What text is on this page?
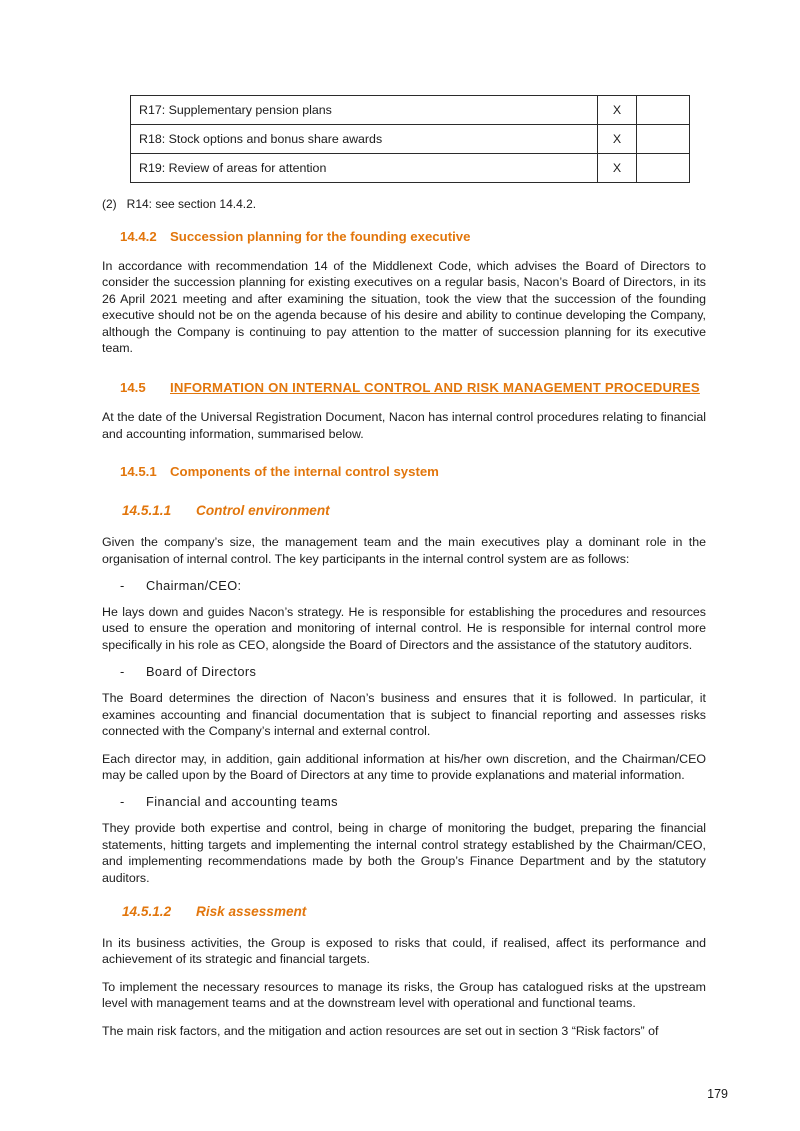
R17: Supplementary pension plans	X	
R18: Stock options and bonus share awards	X	
R19: Review of areas for attention	X	
(2) R14: see section 14.4.2.
14.4.2	Succession planning for the founding executive

In accordance with recommendation 14 of the Middlenext Code, which advises the Board of Directors to consider the succession planning for existing executives on a regular basis, Nacon’s Board of Directors, in its 26 April 2021 meeting and after examining the situation, took the view that the succession of the founding executive should not be on the agenda because of his desire and ability to continue developing the Company, although the Company is continuing to pay attention to the matter of succession planning for its executive team.

14.5	INFORMATION ON INTERNAL CONTROL AND RISK MANAGEMENT PROCEDURES

At the date of the Universal Registration Document, Nacon has internal control procedures relating to financial and accounting information, summarised below.

14.5.1	Components of the internal control system
14.5.1.1	Control environment

Given the company’s size, the management team and the main executives play a dominant role in the organisation of internal control. The key participants in the internal control system are as follows:

-	Chairman/CEO:

He lays down and guides Nacon’s strategy. He is responsible for establishing the procedures and resources used to ensure the operation and monitoring of internal control. He is responsible for internal control more specifically in his role as CEO, alongside the Board of Directors and the assistance of the statutory auditors.

-	Board of Directors

The Board determines the direction of Nacon’s business and ensures that it is followed. In particular, it examines accounting and financial documentation that is subject to financial reporting and assesses risks connected with the Company’s internal and external control.

Each director may, in addition, gain additional information at his/her own discretion, and the Chairman/CEO may be called upon by the Board of Directors at any time to provide explanations and material information.

-	Financial and accounting teams

They provide both expertise and control, being in charge of monitoring the budget, preparing the financial statements, hitting targets and implementing the internal control strategy established by the Chairman/CEO, and implementing recommendations made by both the Group’s Finance Department and by the statutory auditors.

14.5.1.2	Risk assessment

In its business activities, the Group is exposed to risks that could, if realised, affect its performance and achievement of its strategic and financial targets.

To implement the necessary resources to manage its risks, the Group has catalogued risks at the upstream level with management teams and at the downstream level with operational and functional teams.

The main risk factors, and the mitigation and action resources are set out in section 3 “Risk factors” of

179
